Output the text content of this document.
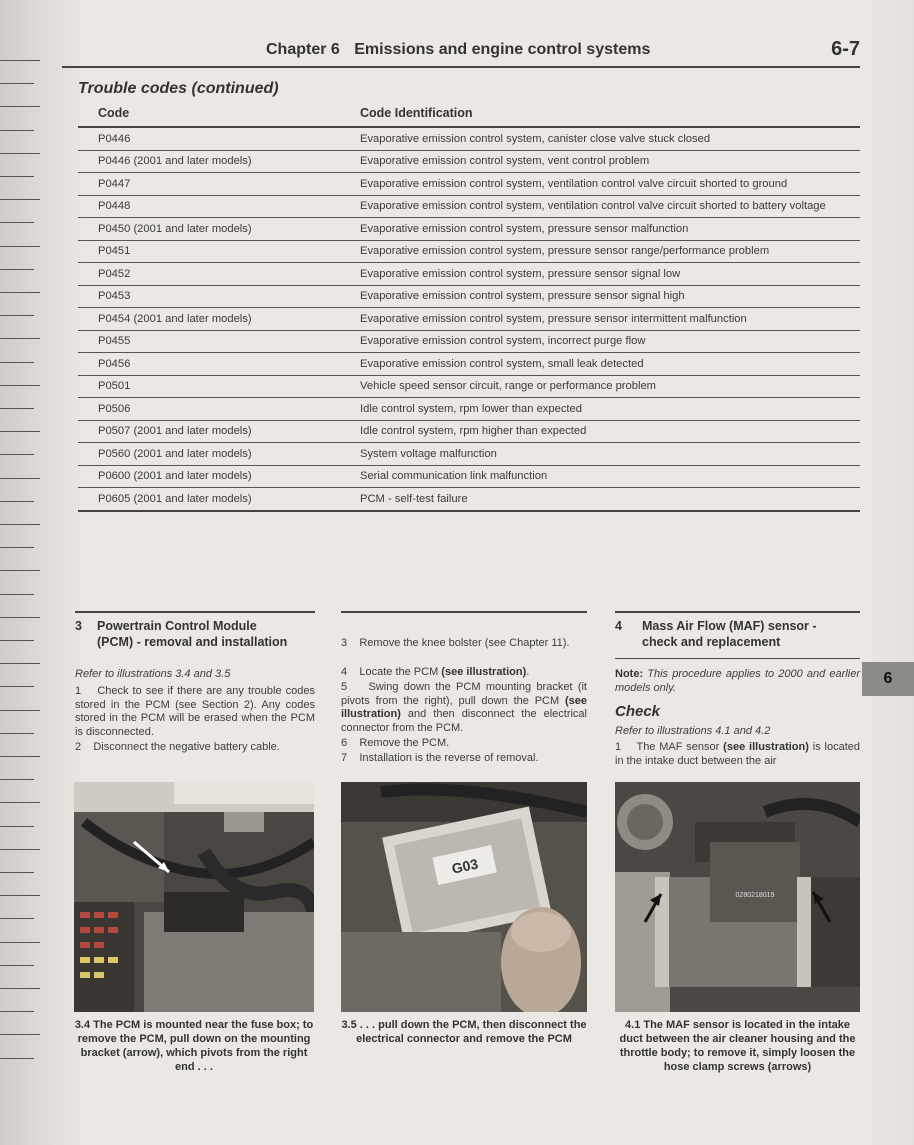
Chapter 6 Emissions and engine control systems	6-7
Trouble codes (continued)
Code	Code Identification
P0446	Evaporative emission control system, canister close valve stuck closed
P0446 (2001 and later models)	Evaporative emission control system, vent control problem
P0447	Evaporative emission control system, ventilation control valve circuit shorted to ground
P0448	Evaporative emission control system, ventilation control valve circuit shorted to battery voltage
P0450 (2001 and later models)	Evaporative emission control system, pressure sensor malfunction
P0451	Evaporative emission control system, pressure sensor range/performance problem
P0452	Evaporative emission control system, pressure sensor signal low
P0453	Evaporative emission control system, pressure sensor signal high
P0454 (2001 and later models)	Evaporative emission control system, pressure sensor intermittent malfunction
P0455	Evaporative emission control system, incorrect purge flow
P0456	Evaporative emission control system, small leak detected
P0501	Vehicle speed sensor circuit, range or performance problem
P0506	Idle control system, rpm lower than expected
P0507 (2001 and later models)	Idle control system, rpm higher than expected
P0560 (2001 and later models)	System voltage malfunction
P0600 (2001 and later models)	Serial communication link malfunction
P0605 (2001 and later models)	PCM - self-test failure
3 Powertrain Control Module
(PCM) - removal and installation
Refer to illustrations 3.4 and 3.5
1 Check to see if there are any trouble codes stored in the PCM (see Section 2). Any codes stored in the PCM will be erased when the PCM is disconnected.
2 Disconnect the negative battery cable.
3 Remove the knee bolster (see Chapter 11).
4 Locate the PCM (see illustration).
5 Swing down the PCM mounting bracket (it pivots from the right), pull down the PCM (see illustration) and then disconnect the electrical connector from the PCM.
6 Remove the PCM.
7 Installation is the reverse of removal.
4 Mass Air Flow (MAF) sensor -
check and replacement
Note: This procedure applies to 2000 and earlier models only.
Check
Refer to illustrations 4.1 and 4.2
1 The MAF sensor (see illustration) is located in the intake duct between the air
6
3.4 The PCM is mounted near the fuse box; to remove the PCM, pull down on the mounting bracket (arrow), which pivots from the right end . . .
G03
3.5 . . . pull down the PCM, then disconnect the electrical connector and remove the PCM
0280218019
4.1 The MAF sensor is located in the intake duct between the air cleaner housing and the throttle body; to remove it, simply loosen the hose clamp screws (arrows)
